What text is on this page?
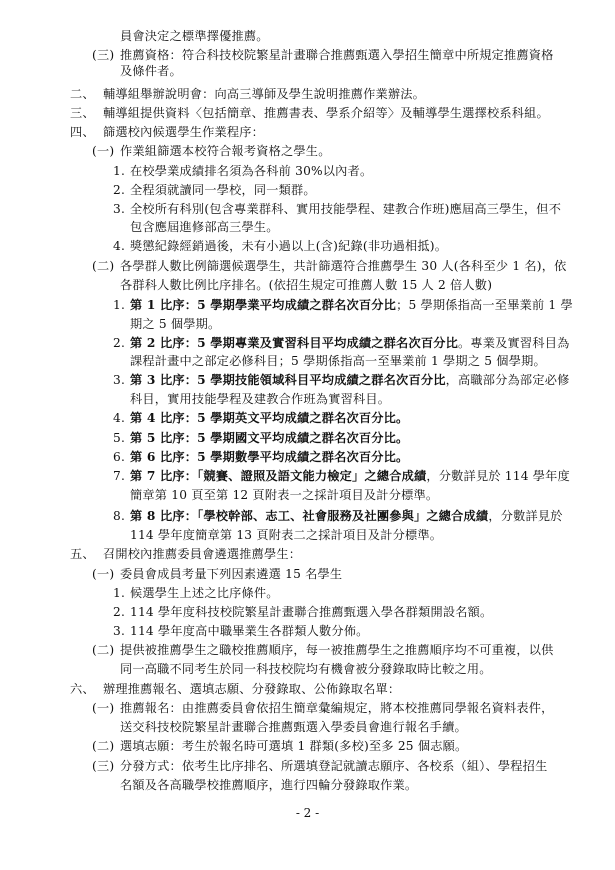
員會決定之標準擇優推薦。
(三) 推薦資格：符合科技校院繁星計畫聯合推薦甄選入學招生簡章中所規定推薦資格
及條件者。
二、 輔導組舉辦說明會：向高三導師及學生說明推薦作業辦法。
三、 輔導組提供資料〈包括簡章、推薦書表、學系介紹等〉及輔導學生選擇校系科組。
四、 篩選校內候選學生作業程序：
(一) 作業組篩選本校符合報考資格之學生。
1. 在校學業成績排名須為各科前 30%以內者。
2. 全程須就讀同一學校，同一類群。
3. 全校所有科別(包含專業群科、實用技能學程、建教合作班)應屆高三學生，但不
包含應屆進修部高三學生。
4. 獎懲紀錄經銷過後，未有小過以上(含)紀錄(非功過相抵)。
(二) 各學群人數比例篩選候選學生，共計篩選符合推薦學生 30 人(各科至少 1 名)，依
各群科人數比例比序排名。(依招生規定可推薦人數 15 人 2 倍人數)
1. 第 1 比序：5 學期學業平均成績之群名次百分比；5 學期係指高一至畢業前 1 學
期之 5 個學期。
2. 第 2 比序：5 學期專業及實習科目平均成績之群名次百分比。專業及實習科目為
課程計畫中之部定必修科目；5 學期係指高一至畢業前 1 學期之 5 個學期。
3. 第 3 比序：5 學期技能領域科目平均成績之群名次百分比，高職部分為部定必修
科目，實用技能學程及建教合作班為實習科目。
4. 第 4 比序：5 學期英文平均成績之群名次百分比。
5. 第 5 比序：5 學期國文平均成績之群名次百分比。
6. 第 6 比序：5 學期數學平均成績之群名次百分比。
7. 第 7 比序：「競賽、證照及語文能力檢定」之總合成績，分數詳見於 114 學年度
簡章第 10 頁至第 12 頁附表一之採計項目及計分標準。
8. 第 8 比序：「學校幹部、志工、社會服務及社團參與」之總合成績，分數詳見於
114 學年度簡章第 13 頁附表二之採計項目及計分標準。
五、 召開校內推薦委員會遴選推薦學生：
(一) 委員會成員考量下列因素遴選 15 名學生
1. 候選學生上述之比序條件。
2. 114 學年度科技校院繁星計畫聯合推薦甄選入學各群類開設名額。
3. 114 學年度高中職畢業生各群類人數分佈。
(二) 提供被推薦學生之職校推薦順序，每一被推薦學生之推薦順序均不可重複，以供
同一高職不同考生於同一科技校院均有機會被分發錄取時比較之用。
六、 辦理推薦報名、選填志願、分發錄取、公佈錄取名單：
(一) 推薦報名：由推薦委員會依招生簡章彙編規定，將本校推薦同學報名資料表件，
送交科技校院繁星計畫聯合推薦甄選入學委員會進行報名手續。
(二) 選填志願：考生於報名時可選填 1 群類(多校)至多 25 個志願。
(三) 分發方式：依考生比序排名、所選填登記就讀志願序、各校系（組）、學程招生
名額及各高職學校推薦順序，進行四輪分發錄取作業。
- 2 -
